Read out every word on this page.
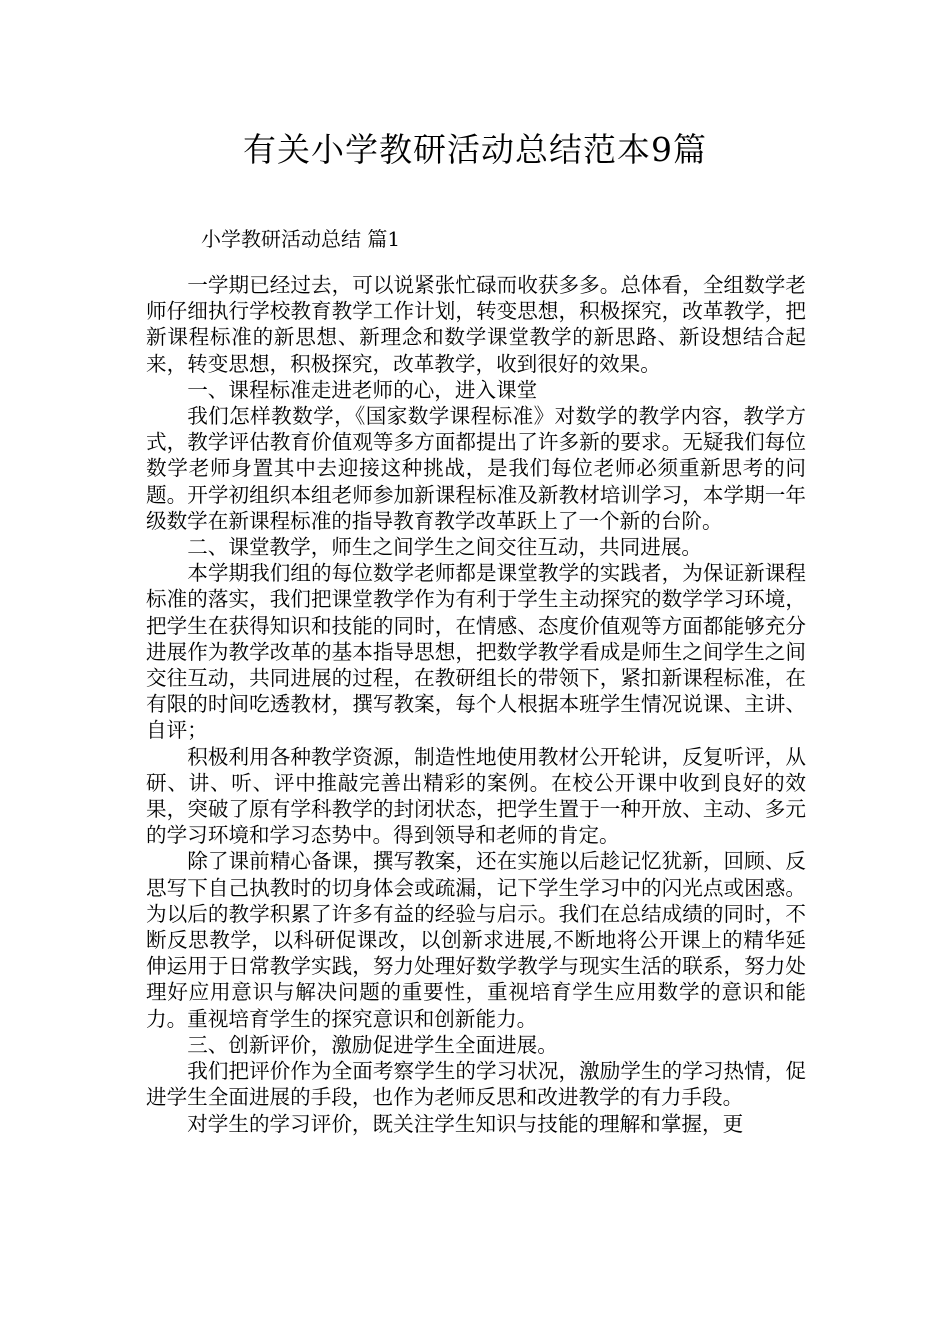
有关小学教研活动总结范本9篇
小学教研活动总结 篇1

一学期已经过去，可以说紧张忙碌而收获多多。总体看，全组数学老师仔细执行学校教育教学工作计划，转变思想，积极探究，改革教学，把新课程标准的新思想、新理念和数学课堂教学的新思路、新设想结合起来，转变思想，积极探究，改革教学，收到很好的效果。

一、课程标准走进老师的心，进入课堂

我们怎样教数学，《国家数学课程标准》对数学的教学内容，教学方式，教学评估教育价值观等多方面都提出了许多新的要求。无疑我们每位数学老师身置其中去迎接这种挑战，是我们每位老师必须重新思考的问题。开学初组织本组老师参加新课程标准及新教材培训学习，本学期一年级数学在新课程标准的指导教育教学改革跃上了一个新的台阶。

二、课堂教学，师生之间学生之间交往互动，共同进展。

本学期我们组的每位数学老师都是课堂教学的实践者，为保证新课程标准的落实，我们把课堂教学作为有利于学生主动探究的数学学习环境，把学生在获得知识和技能的同时，在情感、态度价值观等方面都能够充分进展作为教学改革的基本指导思想，把数学教学看成是师生之间学生之间交往互动，共同进展的过程，在教研组长的带领下，紧扣新课程标准，在有限的时间吃透教材，撰写教案，每个人根据本班学生情况说课、主讲、自评；

积极利用各种教学资源，制造性地使用教材公开轮讲，反复听评，从研、讲、听、评中推敲完善出精彩的案例。在校公开课中收到良好的效果，突破了原有学科教学的封闭状态，把学生置于一种开放、主动、多元的学习环境和学习态势中。得到领导和老师的肯定。

除了课前精心备课，撰写教案，还在实施以后趁记忆犹新，回顾、反思写下自己执教时的切身体会或疏漏，记下学生学习中的闪光点或困惑。为以后的教学积累了许多有益的经验与启示。我们在总结成绩的同时，不断反思教学，以科研促课改，以创新求进展,不断地将公开课上的精华延伸运用于日常教学实践，努力处理好数学教学与现实生活的联系，努力处理好应用意识与解决问题的重要性，重视培育学生应用数学的意识和能力。重视培育学生的探究意识和创新能力。

三、创新评价，激励促进学生全面进展。

我们把评价作为全面考察学生的学习状况，激励学生的学习热情，促进学生全面进展的手段，也作为老师反思和改进教学的有力手段。

对学生的学习评价，既关注学生知识与技能的理解和掌握，更
